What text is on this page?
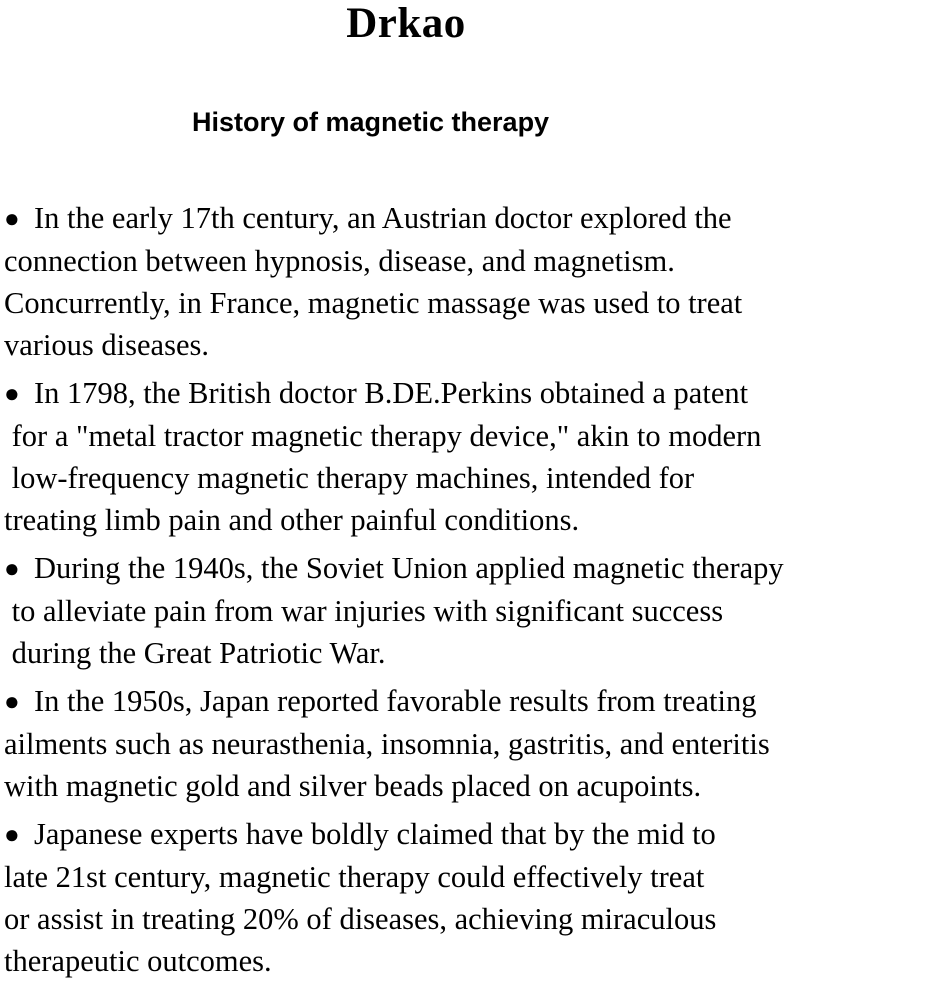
Drkao
History of magnetic therapy
● In the early 17th century, an Austrian doctor explored the
connection between hypnosis, disease, and magnetism.
Concurrently, in France, magnetic massage was used to treat
various diseases.
● In 1798, the British doctor B.DE.Perkins obtained a patent
for a "metal tractor magnetic therapy device," akin to modern
low-frequency magnetic therapy machines, intended for
treating limb pain and other painful conditions.
● During the 1940s, the Soviet Union applied magnetic therapy
to alleviate pain from war injuries with significant success
during the Great Patriotic War.
● In the 1950s, Japan reported favorable results from treating
ailments such as neurasthenia, insomnia, gastritis, and enteritis
with magnetic gold and silver beads placed on acupoints.
● Japanese experts have boldly claimed that by the mid to
late 21st century, magnetic therapy could effectively treat
or assist in treating 20% of diseases, achieving miraculous
therapeutic outcomes.
